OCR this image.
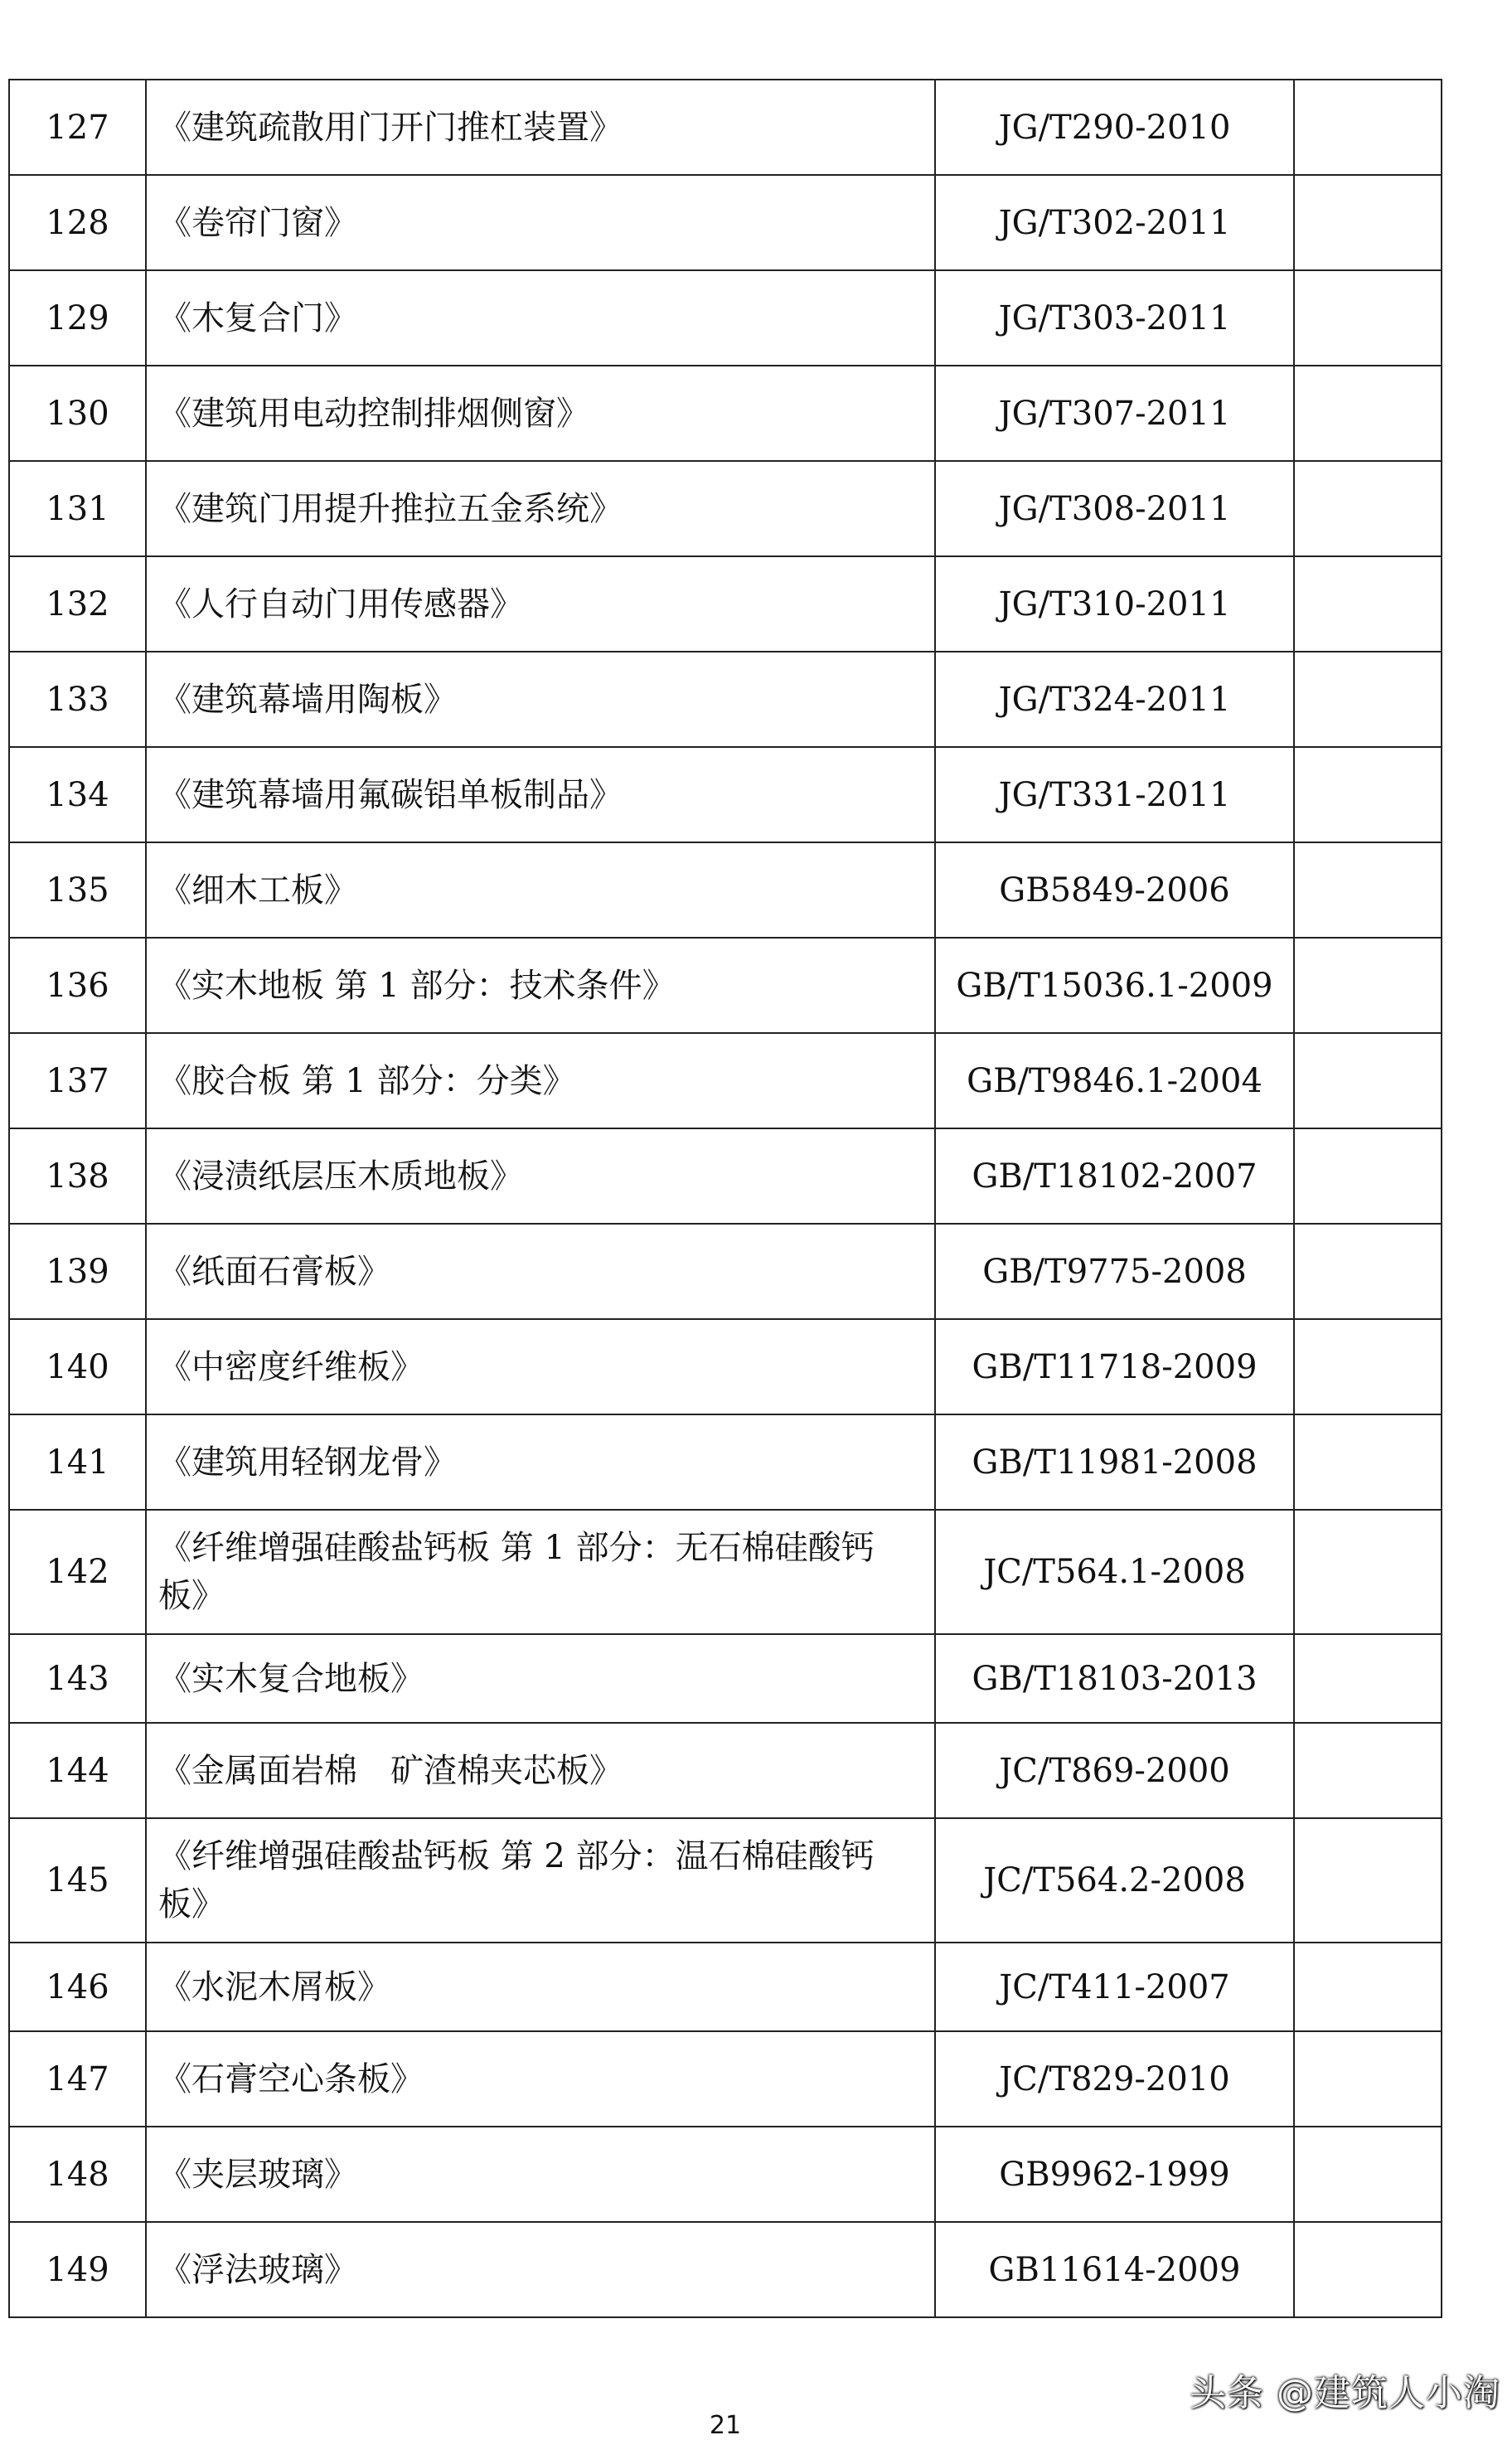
127	《建筑疏散用门开门推杠装置》	JG/T290-2010	
128	《卷帘门窗》	JG/T302-2011	
129	《木复合门》	JG/T303-2011	
130	《建筑用电动控制排烟侧窗》	JG/T307-2011	
131	《建筑门用提升推拉五金系统》	JG/T308-2011	
132	《人行自动门用传感器》	JG/T310-2011	
133	《建筑幕墙用陶板》	JG/T324-2011	
134	《建筑幕墙用氟碳铝单板制品》	JG/T331-2011	
135	《细木工板》	GB5849-2006	
136	《实木地板 第 1 部分：技术条件》	GB/T15036.1-2009	
137	《胶合板 第 1 部分：分类》	GB/T9846.1-2004	
138	《浸渍纸层压木质地板》	GB/T18102-2007	
139	《纸面石膏板》	GB/T9775-2008	
140	《中密度纤维板》	GB/T11718-2009	
141	《建筑用轻钢龙骨》	GB/T11981-2008	
142	《纤维增强硅酸盐钙板 第 1 部分：无石棉硅酸钙板》	JC/T564.1-2008	
143	《实木复合地板》	GB/T18103-2013	
144	《金属面岩棉　矿渣棉夹芯板》	JC/T869-2000	
145	《纤维增强硅酸盐钙板 第 2 部分：温石棉硅酸钙板》	JC/T564.2-2008	
146	《水泥木屑板》	JC/T411-2007	
147	《石膏空心条板》	JC/T829-2010	
148	《夹层玻璃》	GB9962-1999	
149	《浮法玻璃》	GB11614-2009	
头条 @建筑人小淘
21
